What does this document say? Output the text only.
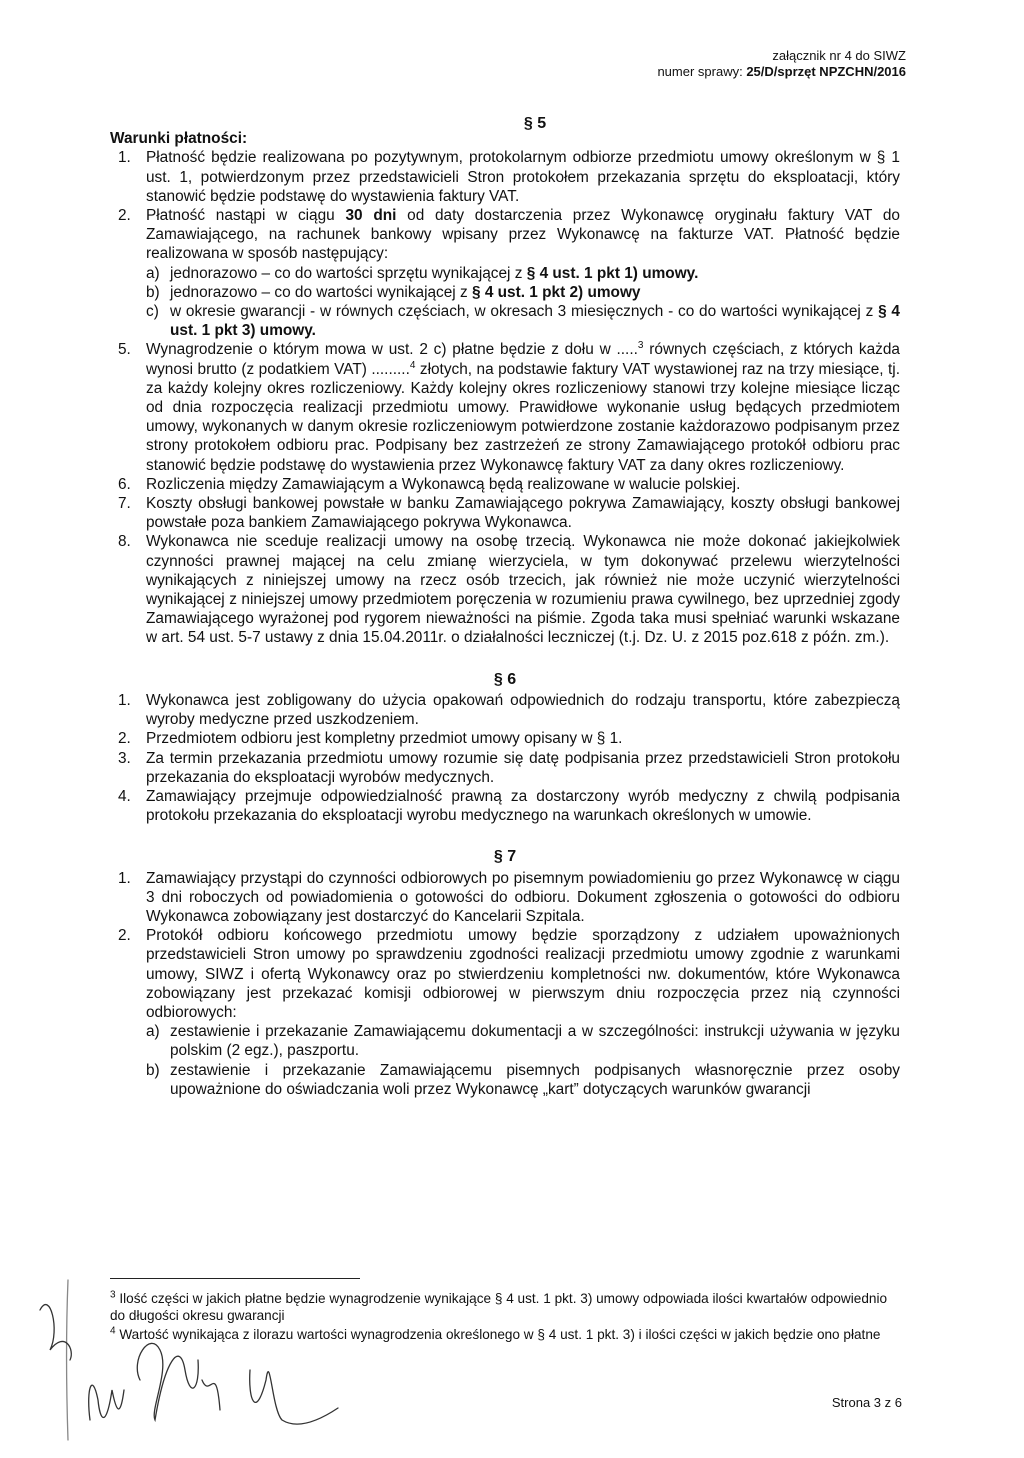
załącznik nr 4 do SIWZ
numer sprawy: 25/D/sprzęt NPZCHN/2016
§ 5

Warunki płatności:

1. Płatność będzie realizowana po pozytywnym, protokolarnym odbiorze przedmiotu umowy określonym w § 1 ust. 1, potwierdzonym przez przedstawicieli Stron protokołem przekazania sprzętu do eksploatacji, który stanowić będzie podstawę do wystawienia faktury VAT.

2. Płatność nastąpi w ciągu 30 dni od daty dostarczenia przez Wykonawcę oryginału faktury VAT do Zamawiającego, na rachunek bankowy wpisany przez Wykonawcę na fakturze VAT. Płatność będzie realizowana w sposób następujący:

a) jednorazowo – co do wartości sprzętu wynikającej z § 4 ust. 1 pkt 1) umowy.

b) jednorazowo – co do wartości wynikającej z § 4 ust. 1 pkt 2) umowy

c) w okresie gwarancji - w równych częściach, w okresach 3 miesięcznych - co do wartości wynikającej z § 4 ust. 1 pkt 3) umowy.

5. Wynagrodzenie o którym mowa w ust. 2 c) płatne będzie z dołu w .....$^3$ równych częściach, z których każda wynosi brutto (z podatkiem VAT) .........$^4$ złotych, na podstawie faktury VAT wystawionej raz na trzy miesiące, tj. za każdy kolejny okres rozliczeniowy. Każdy kolejny okres rozliczeniowy stanowi trzy kolejne miesiące licząc od dnia rozpoczęcia realizacji przedmiotu umowy. Prawidłowe wykonanie usług będących przedmiotem umowy, wykonanych w danym okresie rozliczeniowym potwierdzone zostanie każdorazowo podpisanym przez strony protokołem odbioru prac. Podpisany bez zastrzeżeń ze strony Zamawiającego protokół odbioru prac stanowić będzie podstawę do wystawienia przez Wykonawcę faktury VAT za dany okres rozliczeniowy.

6. Rozliczenia między Zamawiającym a Wykonawcą będą realizowane w walucie polskiej.

7. Koszty obsługi bankowej powstałe w banku Zamawiającego pokrywa Zamawiający, koszty obsługi bankowej powstałe poza bankiem Zamawiającego pokrywa Wykonawca.

8. Wykonawca nie sceduje realizacji umowy na osobę trzecią. Wykonawca nie może dokonać jakiejkolwiek czynności prawnej mającej na celu zmianę wierzyciela, w tym dokonywać przelewu wierzytelności wynikających z niniejszej umowy na rzecz osób trzecich, jak również nie może uczynić wierzytelności wynikającej z niniejszej umowy przedmiotem poręczenia w rozumieniu prawa cywilnego, bez uprzedniej zgody Zamawiającego wyrażonej pod rygorem nieważności na piśmie. Zgoda taka musi spełniać warunki wskazane w art. 54 ust. 5-7 ustawy z dnia 15.04.2011r. o działalności leczniczej (t.j. Dz. U. z 2015 poz.618 z późn. zm.).

§ 6

1. Wykonawca jest zobligowany do użycia opakowań odpowiednich do rodzaju transportu, które zabezpieczą wyroby medyczne przed uszkodzeniem.

2. Przedmiotem odbioru jest kompletny przedmiot umowy opisany w § 1.

3. Za termin przekazania przedmiotu umowy rozumie się datę podpisania przez przedstawicieli Stron protokołu przekazania do eksploatacji wyrobów medycznych.

4. Zamawiający przejmuje odpowiedzialność prawną za dostarczony wyrób medyczny z chwilą podpisania protokołu przekazania do eksploatacji wyrobu medycznego na warunkach określonych w umowie.

§ 7

1. Zamawiający przystąpi do czynności odbiorowych po pisemnym powiadomieniu go przez Wykonawcę w ciągu 3 dni roboczych od powiadomienia o gotowości do odbioru. Dokument zgłoszenia o gotowości do odbioru Wykonawca zobowiązany jest dostarczyć do Kancelarii Szpitala.

2. Protokół odbioru końcowego przedmiotu umowy będzie sporządzony z udziałem upoważnionych przedstawicieli Stron umowy po sprawdzeniu zgodności realizacji przedmiotu umowy zgodnie z warunkami umowy, SIWZ i ofertą Wykonawcy oraz po stwierdzeniu kompletności nw. dokumentów, które Wykonawca zobowiązany jest przekazać komisji odbiorowej w pierwszym dniu rozpoczęcia przez nią czynności odbiorowych:

a) zestawienie i przekazanie Zamawiającemu dokumentacji a w szczególności: instrukcji używania w języku polskim (2 egz.), paszportu.

b) zestawienie i przekazanie Zamawiającemu pisemnych podpisanych własnoręcznie przez osoby upoważnione do oświadczania woli przez Wykonawcę „kart” dotyczących warunków gwarancji

$^3$ Ilość części w jakich płatne będzie wynagrodzenie wynikające § 4 ust. 1 pkt. 3) umowy odpowiada ilości kwartałów odpowiednio do długości okresu gwarancji
$^4$ Wartość wynikająca z ilorazu wartości wynagrodzenia określonego w § 4 ust. 1 pkt. 3) i ilości części w jakich będzie ono płatne
Strona 3 z 6
